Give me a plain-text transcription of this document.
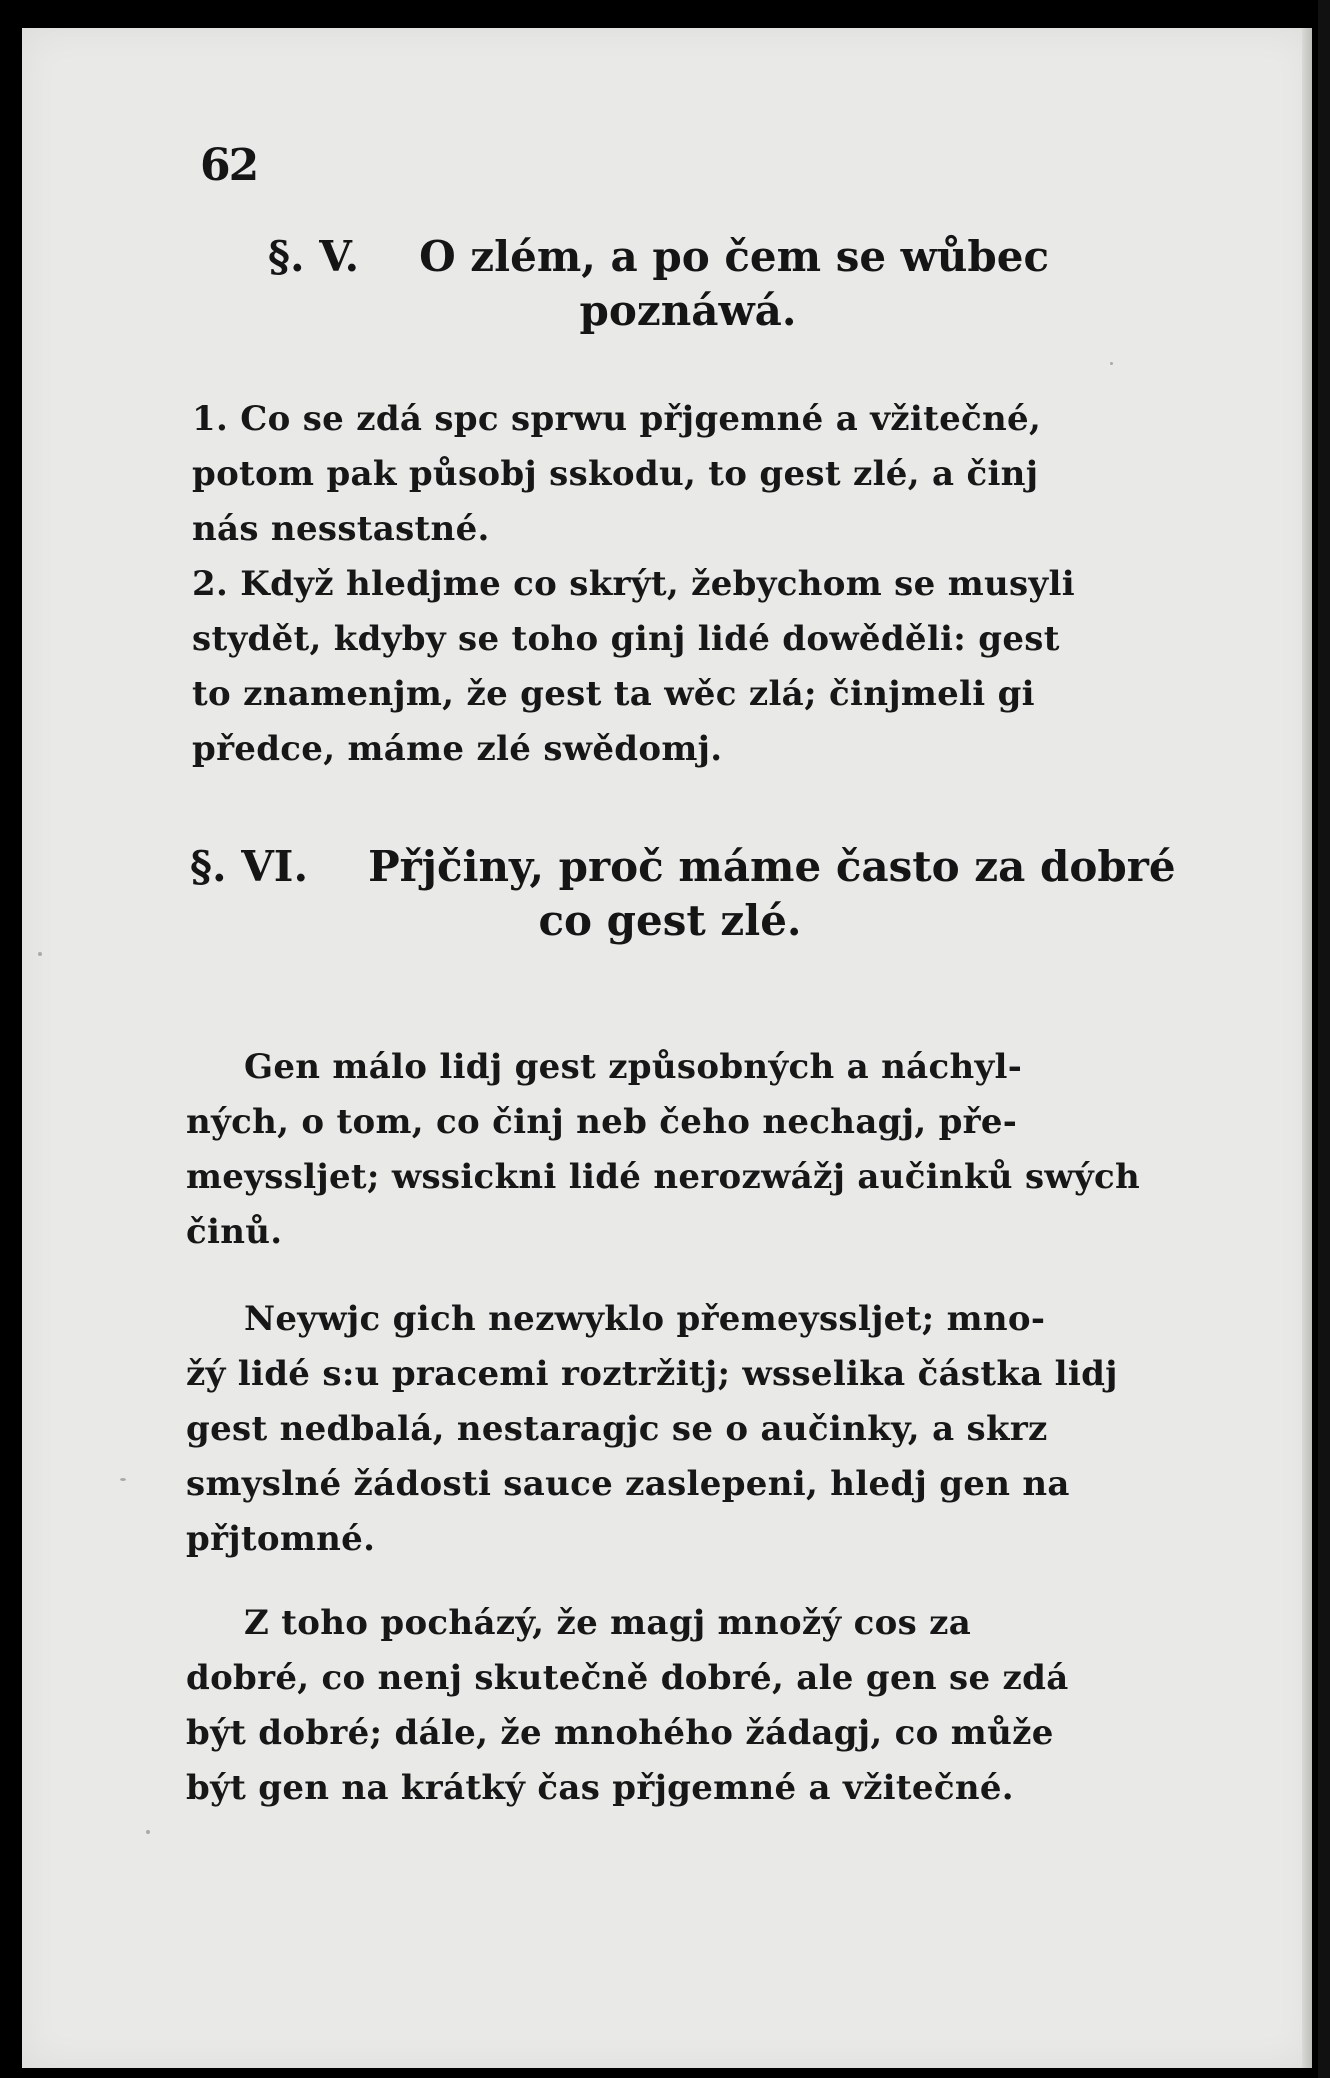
62
§. V. O zlém, a po čem se wůbec
poznáwá.
1. Co se zdá spc sprwu přjgemné a vžitečné,
potom pak působj sskodu, to gest zlé, a činj
nás nesstastné.
2. Když hledjme co skrýt, žebychom se musyli
stydět, kdyby se toho ginj lidé dowěděli: gest
to znamenjm, že gest ta wěc zlá; činjmeli gi
předce, máme zlé swědomj.
§. VI. Přjčiny, proč máme často za dobré
co gest zlé.
Gen málo lidj gest způsobných a náchyl-
ných, o tom, co činj neb čeho nechagj, pře-
meyssljet; wssickni lidé nerozwážj aučinků swých
činů.
Neywjc gich nezwyklo přemeyssljet; mno-
žý lidé s:u pracemi roztržitj; wsselika částka lidj
gest nedbalá, nestaragjc se o aučinky, a skrz
smyslné žádosti sauce zaslepeni, hledj gen na
přjtomné.
Z toho pocházý, že magj množý cos za
dobré, co nenj skutečně dobré, ale gen se zdá
být dobré; dále, že mnohého žádagj, co může
být gen na krátký čas přjgemné a vžitečné.
